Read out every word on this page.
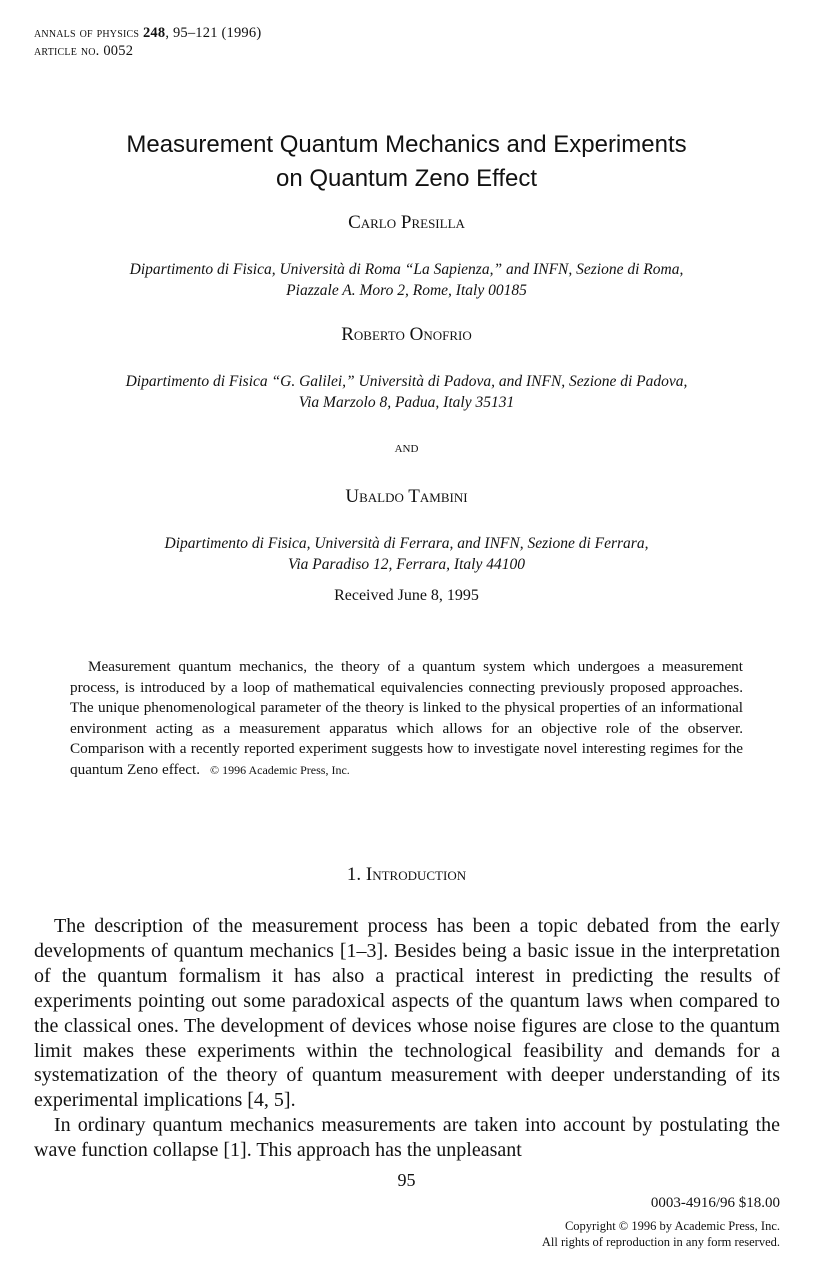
annals of physics 248, 95–121 (1996)
article no. 0052
Measurement Quantum Mechanics and Experiments
on Quantum Zeno Effect
Carlo Presilla
Dipartimento di Fisica, Università di Roma “La Sapienza,” and INFN, Sezione di Roma,
Piazzale A. Moro 2, Rome, Italy 00185
Roberto Onofrio
Dipartimento di Fisica “G. Galilei,” Università di Padova, and INFN, Sezione di Padova,
Via Marzolo 8, Padua, Italy 35131
and
Ubaldo Tambini
Dipartimento di Fisica, Università di Ferrara, and INFN, Sezione di Ferrara,
Via Paradiso 12, Ferrara, Italy 44100
Received June 8, 1995
Measurement quantum mechanics, the theory of a quantum system which undergoes a measurement process, is introduced by a loop of mathematical equivalencies connecting previously proposed approaches. The unique phenomenological parameter of the theory is linked to the physical properties of an informational environment acting as a measurement apparatus which allows for an objective role of the observer. Comparison with a recently reported experiment suggests how to investigate novel interesting regimes for the quantum Zeno effect. © 1996 Academic Press, Inc.
1. Introduction

The description of the measurement process has been a topic debated from the early developments of quantum mechanics [1–3]. Besides being a basic issue in the interpretation of the quantum formalism it has also a practical interest in predicting the results of experiments pointing out some paradoxical aspects of the quantum laws when compared to the classical ones. The development of devices whose noise figures are close to the quantum limit makes these experiments within the technological feasibility and demands for a systematization of the theory of quantum measurement with deeper understanding of its experimental implications [4, 5].

In ordinary quantum mechanics measurements are taken into account by postulating the wave function collapse [1]. This approach has the unpleasant

95
0003-4916/96 $18.00
Copyright © 1996 by Academic Press, Inc.
All rights of reproduction in any form reserved.
